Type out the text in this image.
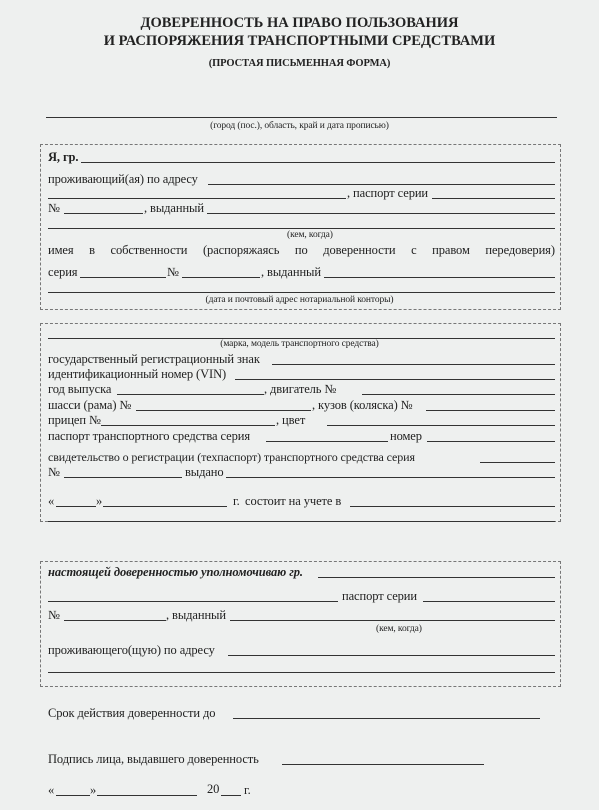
ДОВЕРЕННОСТЬ НА ПРАВО ПОЛЬЗОВАНИЯ
И РАСПОРЯЖЕНИЯ ТРАНСПОРТНЫМИ СРЕДСТВАМИ
(ПРОСТАЯ ПИСЬМЕННАЯ ФОРМА)
(город (пос.), область, край и дата прописью)
Я, гр.
проживающий(ая) по адресу
, паспорт серии
№	, выданный
(кем, когда)
имея в собственности (распоряжаясь по доверенности с правом передоверия)
серия	№	, выданный
(дата и почтовый адрес нотариальной конторы)
(марка, модель транспортного средства)
государственный регистрационный знак
идентификационный номер (VIN)
год выпуска	, двигатель №
шасси (рама) №	, кузов (коляска) №
прицеп №	, цвет
паспорт транспортного средства серия	номер
свидетельство о регистрации (техпаспорт) транспортного средства серия
№	выдано
«	»	г. состоит на учете в
настоящей доверенностью уполномочиваю гр.
паспорт серии
№	, выданный
(кем, когда)
проживающего(щую) по адресу
Срок действия доверенности до
Подпись лица, выдавшего доверенность
«	»	20 г.
